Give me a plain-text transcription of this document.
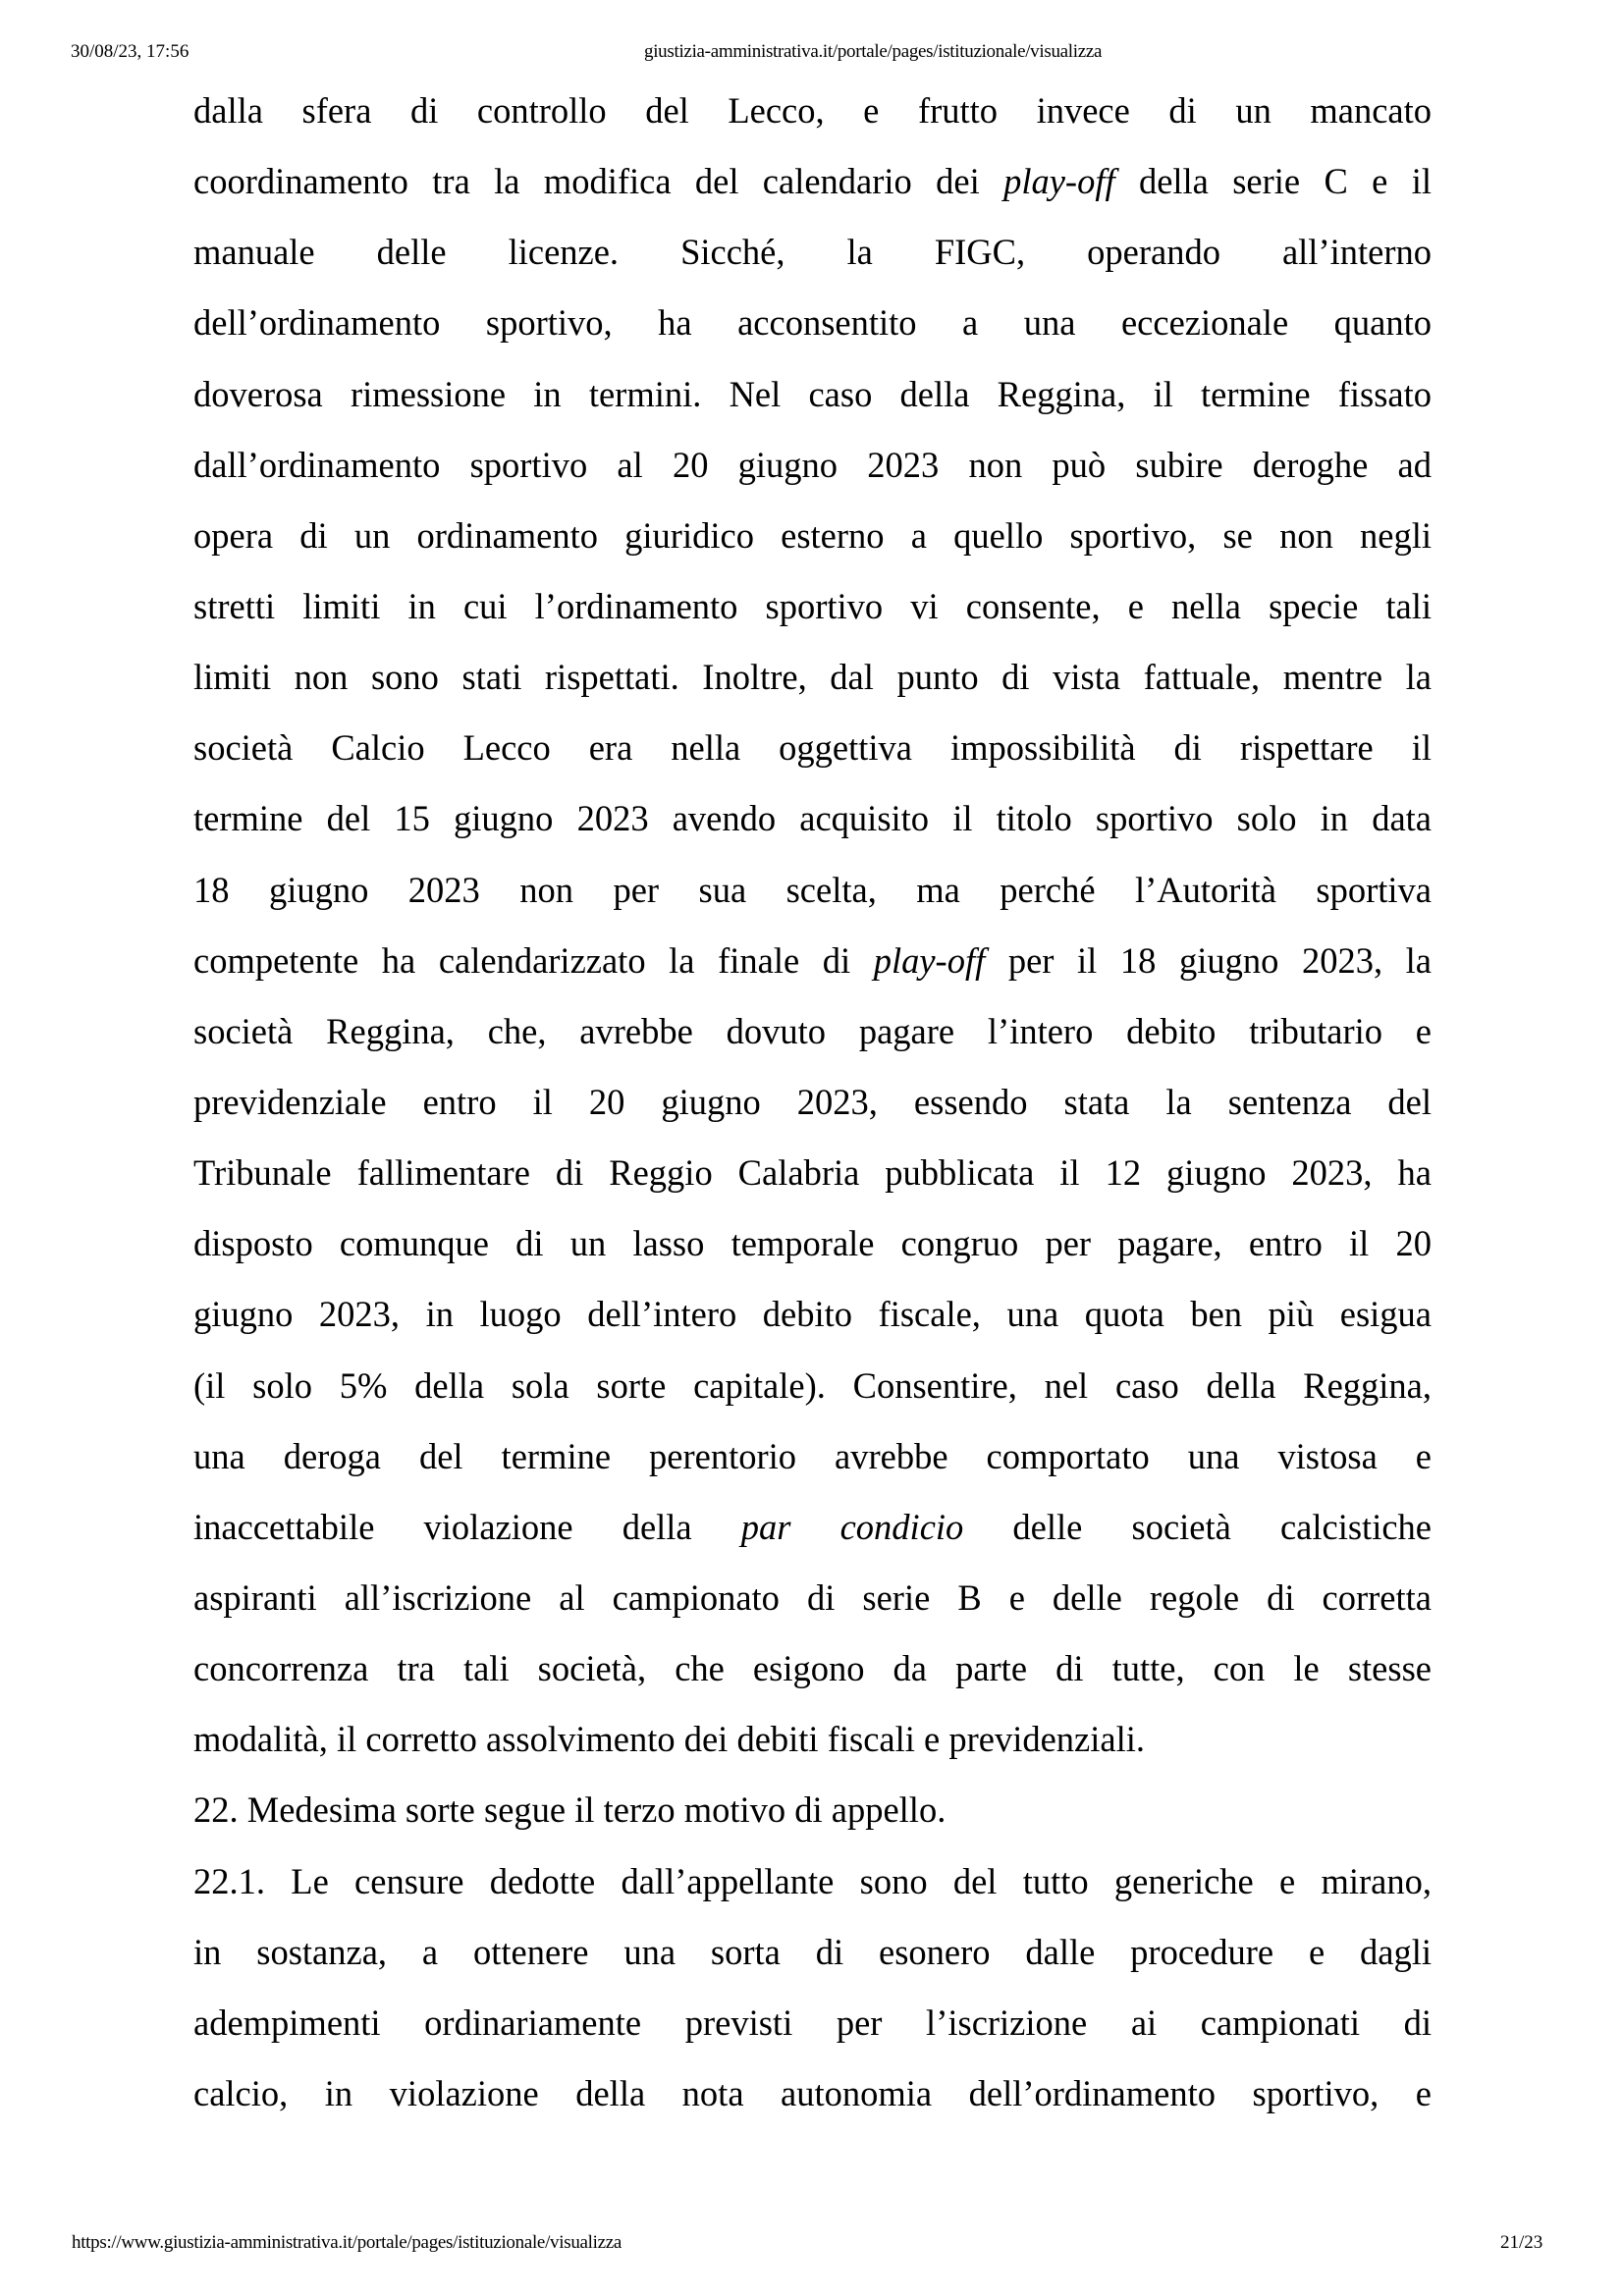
30/08/23, 17:56	giustizia-amministrativa.it/portale/pages/istituzionale/visualizza
dalla sfera di controllo del Lecco, e frutto invece di un mancato
coordinamento tra la modifica del calendario dei play-off della serie C e il
manuale delle licenze. Sicché, la FIGC, operando all’interno
dell’ordinamento sportivo, ha acconsentito a una eccezionale quanto
doverosa rimessione in termini. Nel caso della Reggina, il termine fissato
dall’ordinamento sportivo al 20 giugno 2023 non può subire deroghe ad
opera di un ordinamento giuridico esterno a quello sportivo, se non negli
stretti limiti in cui l’ordinamento sportivo vi consente, e nella specie tali
limiti non sono stati rispettati. Inoltre, dal punto di vista fattuale, mentre la
società Calcio Lecco era nella oggettiva impossibilità di rispettare il
termine del 15 giugno 2023 avendo acquisito il titolo sportivo solo in data
18 giugno 2023 non per sua scelta, ma perché l’Autorità sportiva
competente ha calendarizzato la finale di play-off per il 18 giugno 2023, la
società Reggina, che, avrebbe dovuto pagare l’intero debito tributario e
previdenziale entro il 20 giugno 2023, essendo stata la sentenza del
Tribunale fallimentare di Reggio Calabria pubblicata il 12 giugno 2023, ha
disposto comunque di un lasso temporale congruo per pagare, entro il 20
giugno 2023, in luogo dell’intero debito fiscale, una quota ben più esigua
(il solo 5% della sola sorte capitale). Consentire, nel caso della Reggina,
una deroga del termine perentorio avrebbe comportato una vistosa e
inaccettabile violazione della par condicio delle società calcistiche
aspiranti all’iscrizione al campionato di serie B e delle regole di corretta
concorrenza tra tali società, che esigono da parte di tutte, con le stesse
modalità, il corretto assolvimento dei debiti fiscali e previdenziali.
22. Medesima sorte segue il terzo motivo di appello.
22.1. Le censure dedotte dall’appellante sono del tutto generiche e mirano,
in sostanza, a ottenere una sorta di esonero dalle procedure e dagli
adempimenti ordinariamente previsti per l’iscrizione ai campionati di
calcio, in violazione della nota autonomia dell’ordinamento sportivo, e
https://www.giustizia-amministrativa.it/portale/pages/istituzionale/visualizza	21/23
